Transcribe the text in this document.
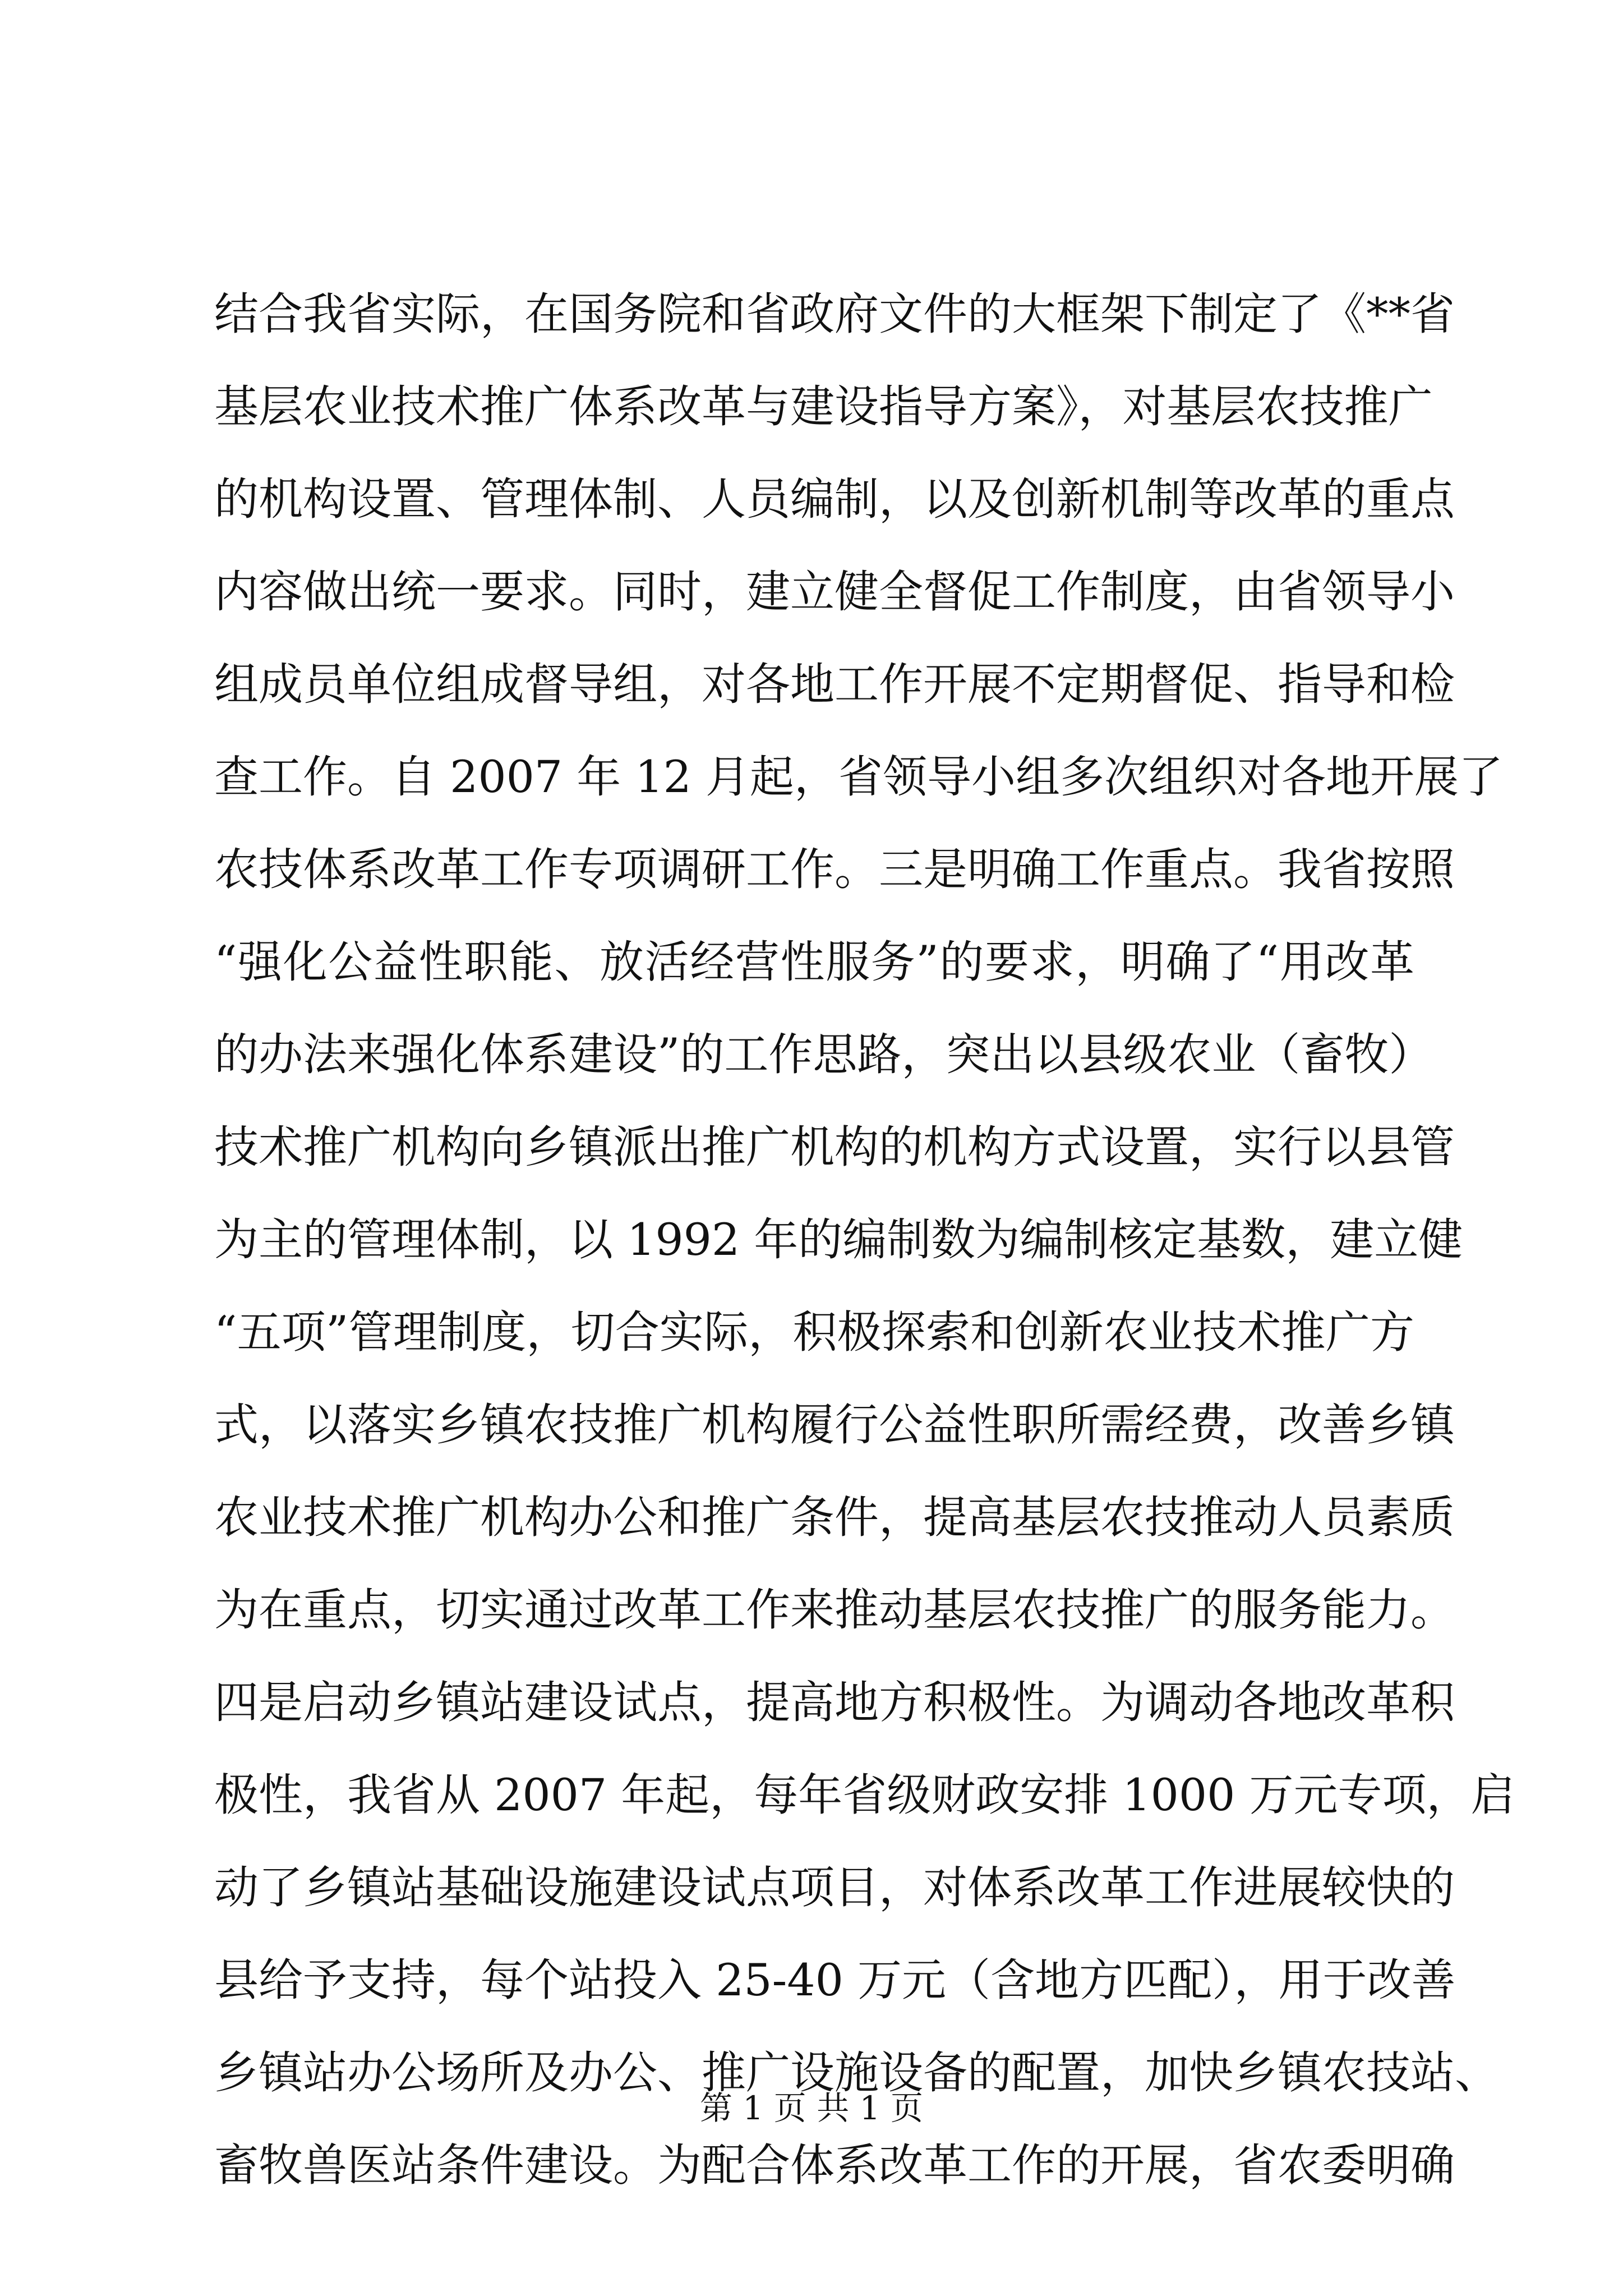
结合我省实际，在国务院和省政府文件的大框架下制定了《**省
基层农业技术推广体系改革与建设指导方案》，对基层农技推广
的机构设置、管理体制、人员编制，以及创新机制等改革的重点
内容做出统一要求。同时，建立健全督促工作制度，由省领导小
组成员单位组成督导组，对各地工作开展不定期督促、指导和检
查工作。自 2007 年 12 月起，省领导小组多次组织对各地开展了
农技体系改革工作专项调研工作。三是明确工作重点。我省按照
“强化公益性职能、放活经营性服务”的要求，明确了“用改革
的办法来强化体系建设”的工作思路，突出以县级农业（畜牧）
技术推广机构向乡镇派出推广机构的机构方式设置，实行以县管
为主的管理体制，以 1992 年的编制数为编制核定基数，建立健
“五项”管理制度，切合实际，积极探索和创新农业技术推广方
式，以落实乡镇农技推广机构履行公益性职所需经费，改善乡镇
农业技术推广机构办公和推广条件，提高基层农技推动人员素质
为在重点，切实通过改革工作来推动基层农技推广的服务能力。
四是启动乡镇站建设试点，提高地方积极性。为调动各地改革积
极性，我省从 2007 年起，每年省级财政安排 1000 万元专项，启
动了乡镇站基础设施建设试点项目，对体系改革工作进展较快的
县给予支持，每个站投入 25-40 万元（含地方匹配），用于改善
乡镇站办公场所及办公、推广设施设备的配置，加快乡镇农技站、
畜牧兽医站条件建设。为配合体系改革工作的开展，省农委明确
第 1 页 共 1 页
